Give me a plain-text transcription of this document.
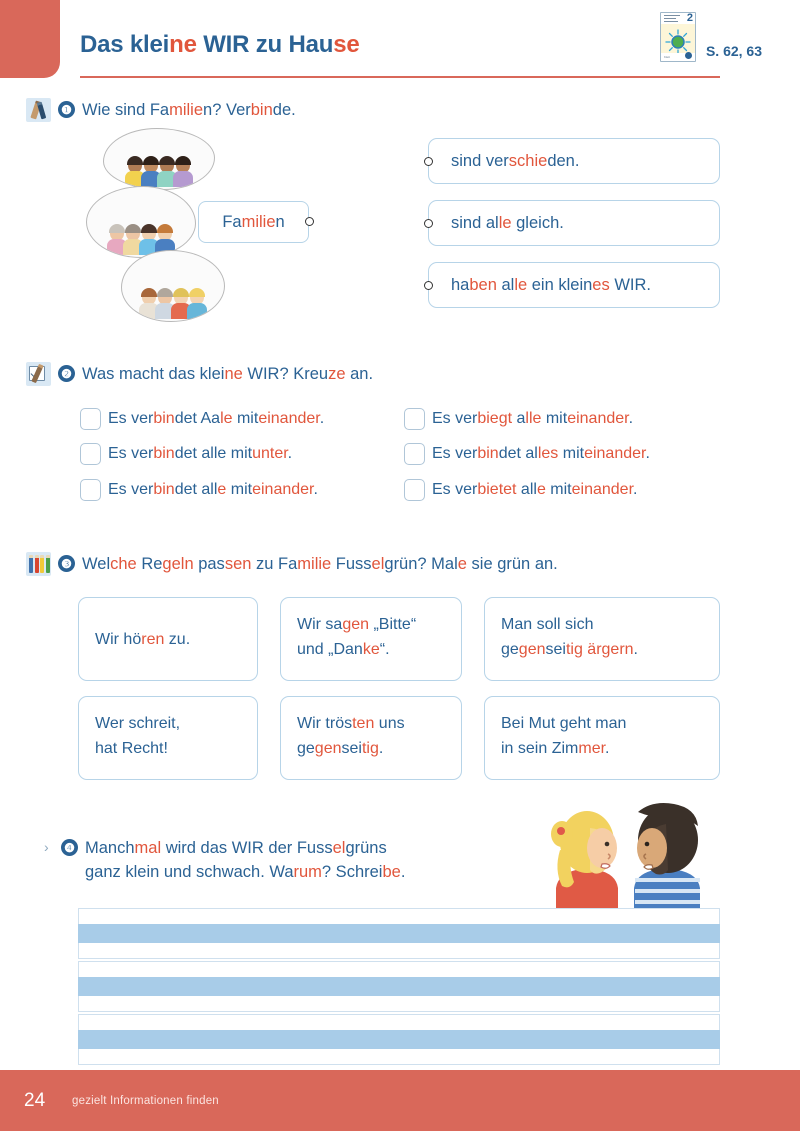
Das kleine WIR zu Hause
2
Klett	S. 62, 63
❶ Wie sind Familien? Verbinde.
Familien
sind verschieden.
sind alle gleich.
haben alle ein kleines WIR.
❷ Was macht das kleine WIR? Kreuze an.
Es verbindet Aale miteinander.	Es verbiegt alle miteinander.
Es verbindet alle mitunter.	Es verbindet alles miteinander.
Es verbindet alle miteinander.	Es verbietet alle miteinander.
❸ Welche Regeln passen zu Familie Fusselgrün? Male sie grün an.
Wir hören zu.
Wir sagen „Bitte“
und „Danke“.
Man soll sich
gegenseitig ärgern.
Wer schreit,
hat Recht!
Wir trösten uns
gegenseitig.
Bei Mut geht man
in sein Zimmer.
›	❹ Manchmal wird das WIR der Fusselgrüns
ganz klein und schwach. Warum? Schreibe.
24	gezielt Informationen finden
